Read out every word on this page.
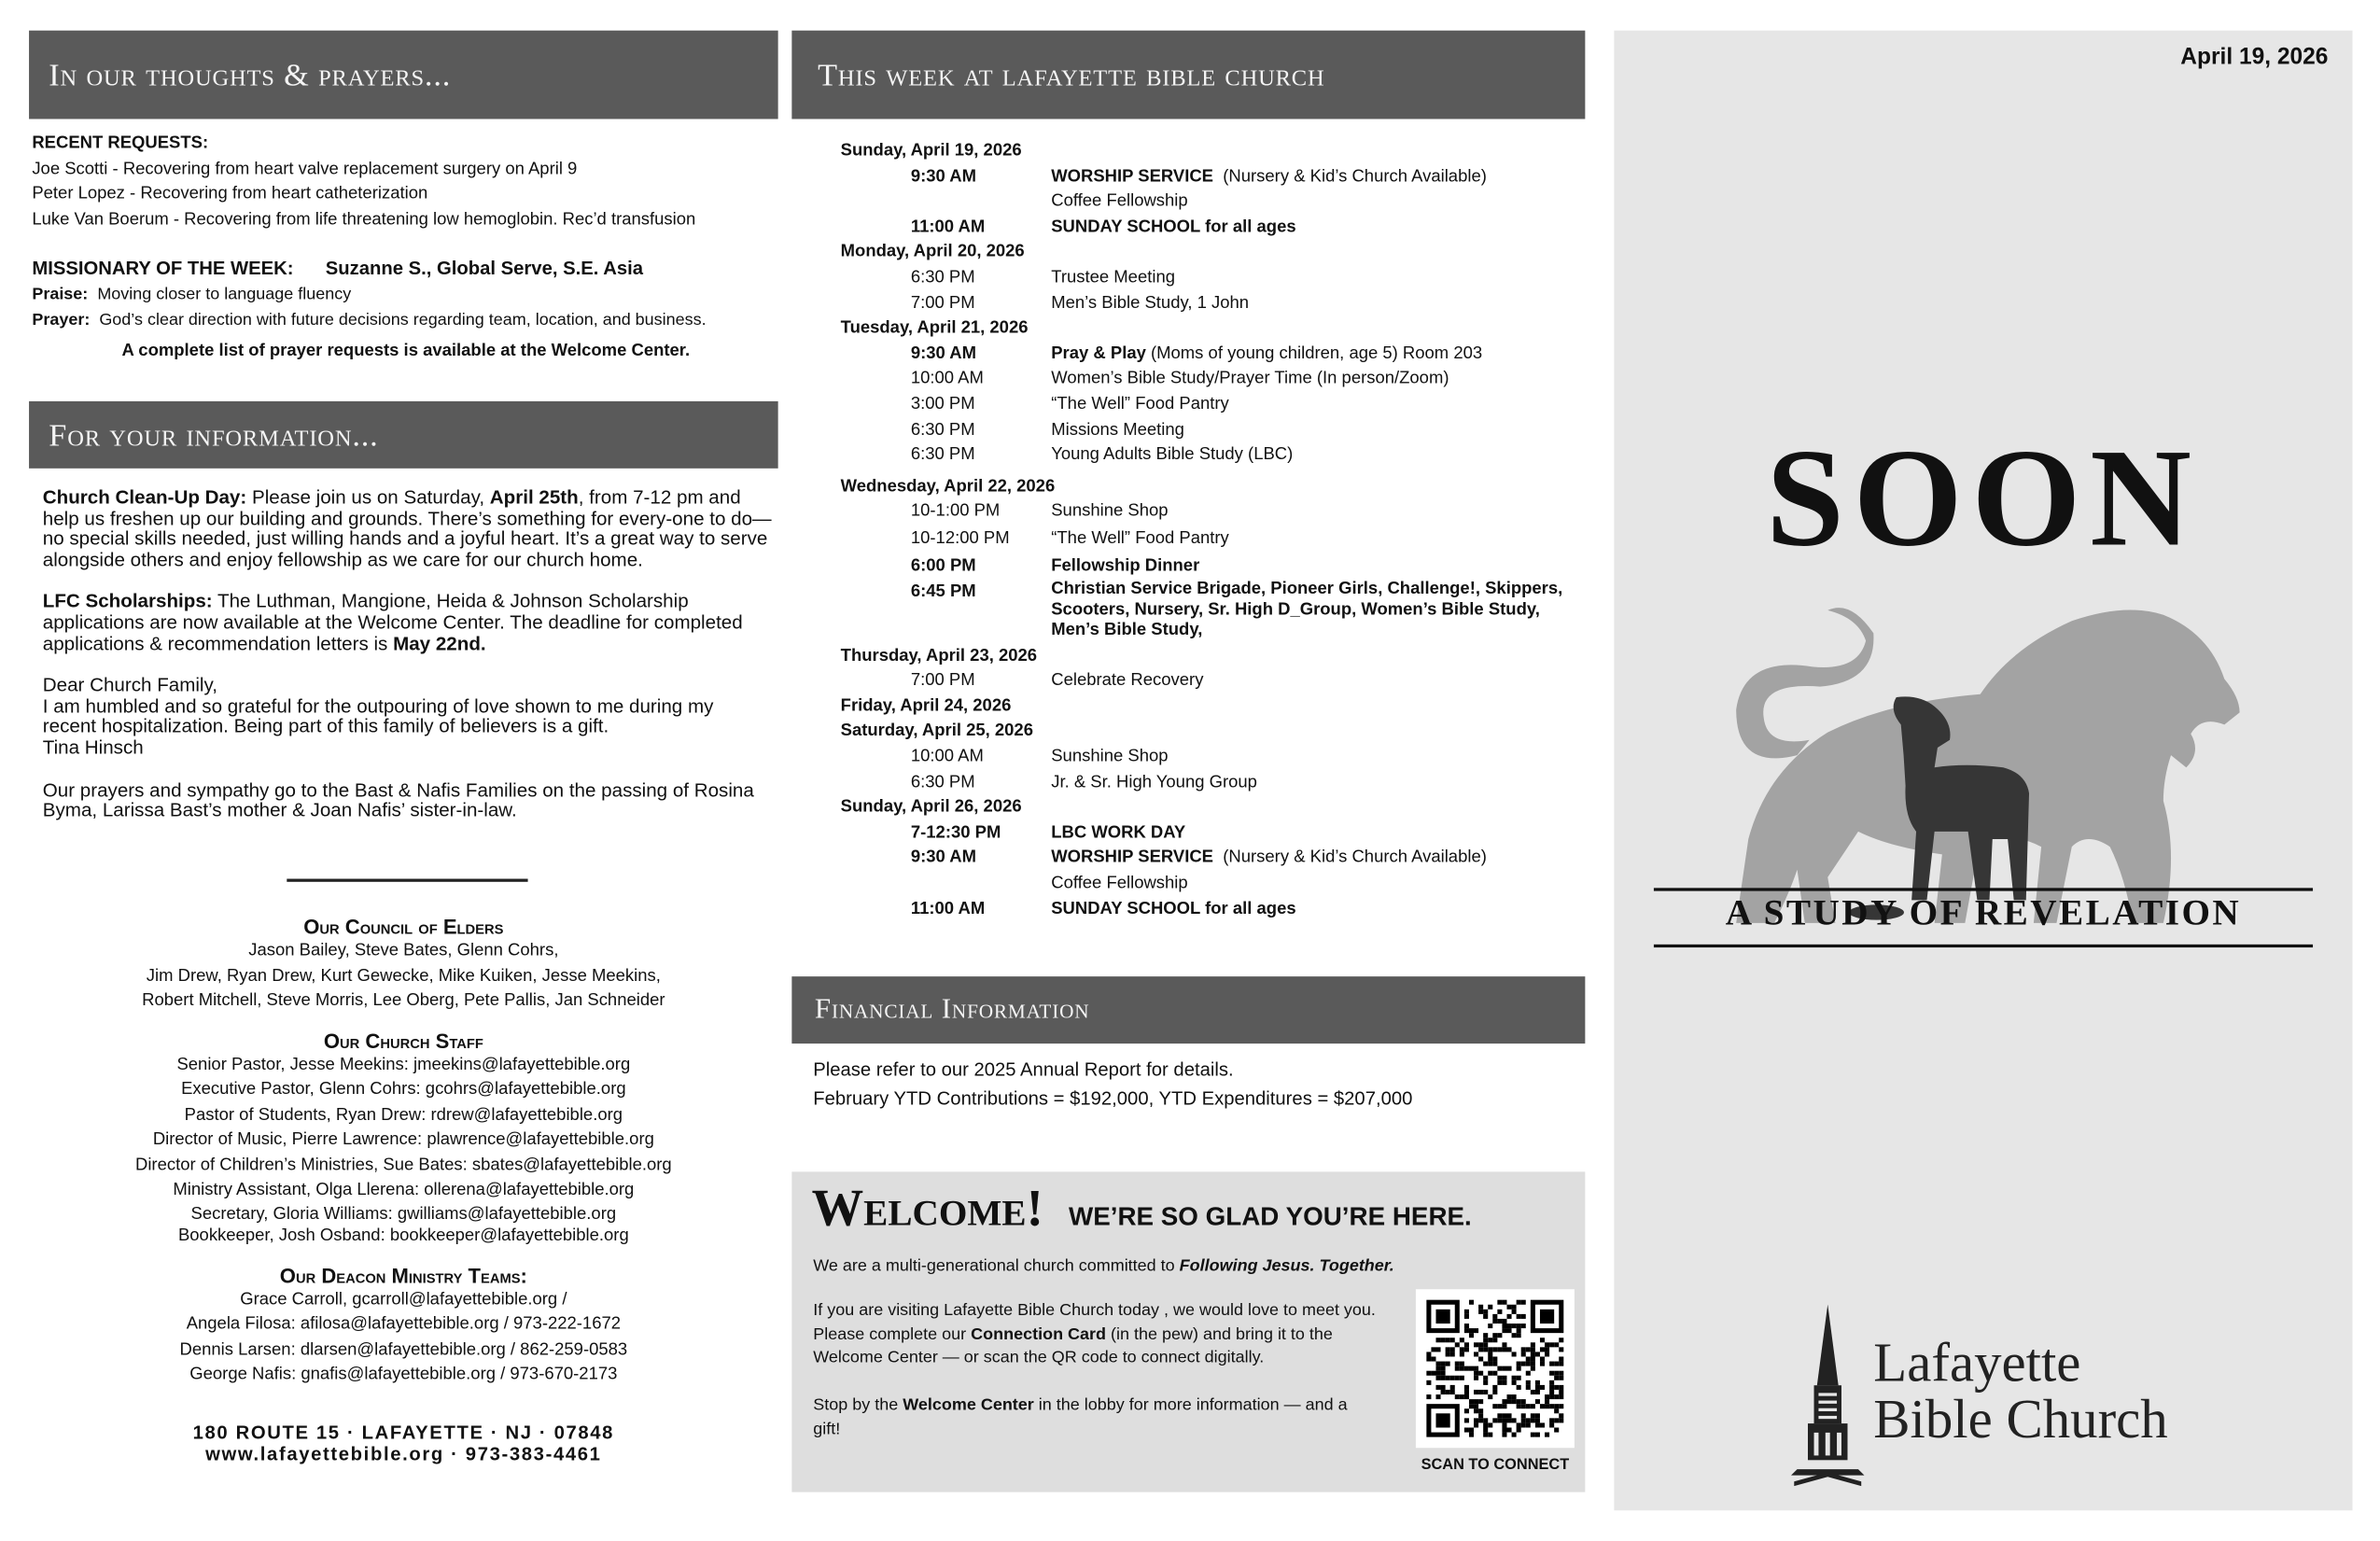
In our thoughts & prayers...
RECENT REQUESTS:
Joe Scotti - Recovering from heart valve replacement surgery on April 9
Peter Lopez - Recovering from heart catheterization
Luke Van Boerum - Recovering from life threatening low hemoglobin. Rec’d transfusion
MISSIONARY OF THE WEEK:	Suzanne S., Global Serve, S.E. Asia
Praise: Moving closer to language fluency
Prayer: God’s clear direction with future decisions regarding team, location, and business.
A complete list of prayer requests is available at the Welcome Center.
For your information...

Church Clean-Up Day: Please join us on Saturday, April 25th, from 7-12 pm and help us freshen up our building and grounds. There’s something for every-one to do—no special skills needed, just willing hands and a joyful heart. It’s a great way to serve alongside others and enjoy fellowship as we care for our church home.

LFC Scholarships: The Luthman, Mangione, Heida & Johnson Scholarship applications are now available at the Welcome Center. The deadline for completed applications & recommendation letters is May 22nd.

Dear Church Family,
I am humbled and so grateful for the outpouring of love shown to me during my recent hospitalization. Being part of this family of believers is a gift.
Tina Hinsch

Our prayers and sympathy go to the Bast & Nafis Families on the passing of Rosina Byma, Larissa Bast’s mother & Joan Nafis’ sister-in-law.

Our Council of Elders
Jason Bailey, Steve Bates, Glenn Cohrs,
Jim Drew, Ryan Drew, Kurt Gewecke, Mike Kuiken, Jesse Meekins,
Robert Mitchell, Steve Morris, Lee Oberg, Pete Pallis, Jan Schneider
Our Church Staff
Senior Pastor, Jesse Meekins: jmeekins@lafayettebible.org
Executive Pastor, Glenn Cohrs: gcohrs@lafayettebible.org
Pastor of Students, Ryan Drew: rdrew@lafayettebible.org
Director of Music, Pierre Lawrence: plawrence@lafayettebible.org
Director of Children’s Ministries, Sue Bates: sbates@lafayettebible.org
Ministry Assistant, Olga Llerena: ollerena@lafayettebible.org
Secretary, Gloria Williams: gwilliams@lafayettebible.org
Bookkeeper, Josh Osband: bookkeeper@lafayettebible.org
Our Deacon Ministry Teams:
Grace Carroll, gcarroll@lafayettebible.org /
Angela Filosa: afilosa@lafayettebible.org / 973-222-1672
Dennis Larsen: dlarsen@lafayettebible.org / 862-259-0583
George Nafis: gnafis@lafayettebible.org / 973-670-2173
180 ROUTE 15 · LAFAYETTE · NJ · 07848
www.lafayettebible.org · 973-383-4461
This week at lafayette bible church
Sunday, April 19, 2026
9:30 AM	WORSHIP SERVICE  (Nursery & Kid’s Church Available)
Coffee Fellowship
11:00 AM	SUNDAY SCHOOL for all ages
Monday, April 20, 2026
6:30 PM	Trustee Meeting
7:00 PM	Men’s Bible Study, 1 John
Tuesday, April 21, 2026
9:30 AM	Pray & Play (Moms of young children, age 5) Room 203
10:00 AM	Women’s Bible Study/Prayer Time (In person/Zoom)
3:00 PM	“The Well” Food Pantry
6:30 PM	Missions Meeting
6:30 PM	Young Adults Bible Study (LBC)
Wednesday, April 22, 2026
10-1:00 PM	Sunshine Shop
10-12:00 PM	“The Well” Food Pantry
6:00 PM	Fellowship Dinner
6:45 PM	Christian Service Brigade, Pioneer Girls, Challenge!, Skippers, Scooters, Nursery, Sr. High D_Group, Women’s Bible Study, Men’s Bible Study,
Thursday, April 23, 2026
7:00 PM	Celebrate Recovery
Friday, April 24, 2026
Saturday, April 25, 2026
10:00 AM	Sunshine Shop
6:30 PM	Jr. & Sr. High Young Group
Sunday, April 26, 2026
7-12:30 PM	LBC WORK DAY
9:30 AM	WORSHIP SERVICE  (Nursery & Kid’s Church Available)
Coffee Fellowship
11:00 AM	SUNDAY SCHOOL for all ages
Financial Information
Please refer to our 2025 Annual Report for details.
February YTD Contributions = $192,000, YTD Expenditures = $207,000
Welcome! WE’RE SO GLAD YOU’RE HERE.
We are a multi-generational church committed to Following Jesus. Together.
If you are visiting Lafayette Bible Church today , we would love to meet you. Please complete our Connection Card (in the pew) and bring it to the Welcome Center — or scan the QR code to connect digitally.
Stop by the Welcome Center in the lobby for more information — and a gift!
SCAN TO CONNECT
April 19, 2026
SOON
A STUDY OF REVELATION
Lafayette
Bible Church
